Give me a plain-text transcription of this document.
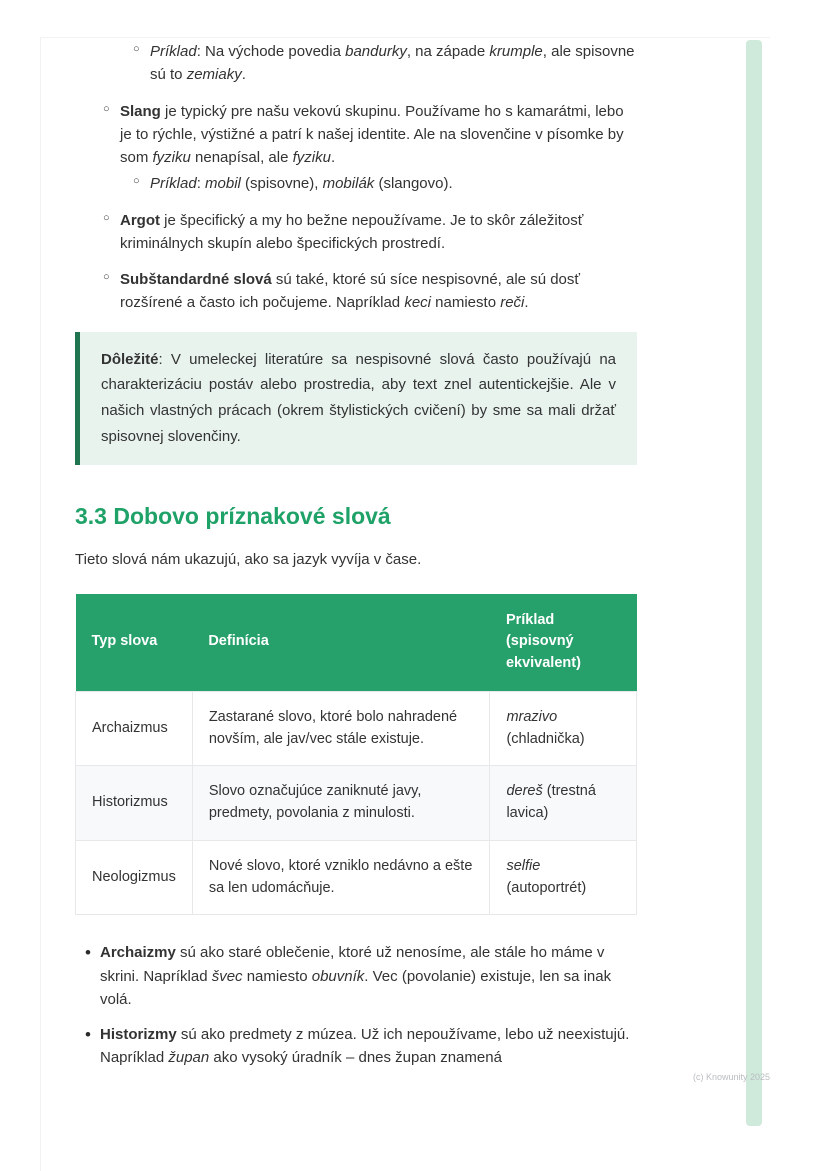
○ Príklad: Na východe povedia bandurky, na západe krumple, ale spisovne sú to zemiaky.
○ Slang je typický pre našu vekovú skupinu. Používame ho s kamarátmi, lebo je to rýchle, výstižné a patrí k našej identite. Ale na slovenčine v písomke by som fyziku nenapísal, ale fyziku.
○ Príklad: mobil (spisovne), mobilák (slangovo).
○ Argot je špecifický a my ho bežne nepoužívame. Je to skôr záležitosť kriminálnych skupín alebo špecifických prostredí.
○ Subštandardné slová sú také, ktoré sú síce nespisovné, ale sú dosť rozšírené a často ich počujeme. Napríklad keci namiesto reči.
Dôležité: V umeleckej literatúre sa nespisovné slová často používajú na charakterizáciu postáv alebo prostredia, aby text znel autentickejšie. Ale v našich vlastných prácach (okrem štylistických cvičení) by sme sa mali držať spisovnej slovenčiny.
3.3 Dobovo príznakové slová

Tieto slová nám ukazujú, ako sa jazyk vyvíja v čase.

Typ slova	Definícia	Príklad (spisovný ekvivalent)
Archaizmus	Zastarané slovo, ktoré bolo nahradené novším, ale jav/vec stále existuje.	mrazivo (chladnička)
Historizmus	Slovo označujúce zaniknuté javy, predmety, povolania z minulosti.	dereš (trestná lavica)
Neologizmus	Nové slovo, ktoré vzniklo nedávno a ešte sa len udomácňuje.	selfie (autoportrét)
• Archaizmy sú ako staré oblečenie, ktoré už nenosíme, ale stále ho máme v skrini. Napríklad švec namiesto obuvník. Vec (povolanie) existuje, len sa inak volá.
• Historizmy sú ako predmety z múzea. Už ich nepoužívame, lebo už neexistujú. Napríklad župan ako vysoký úradník – dnes župan znamená
(c) Knowunity 2025
